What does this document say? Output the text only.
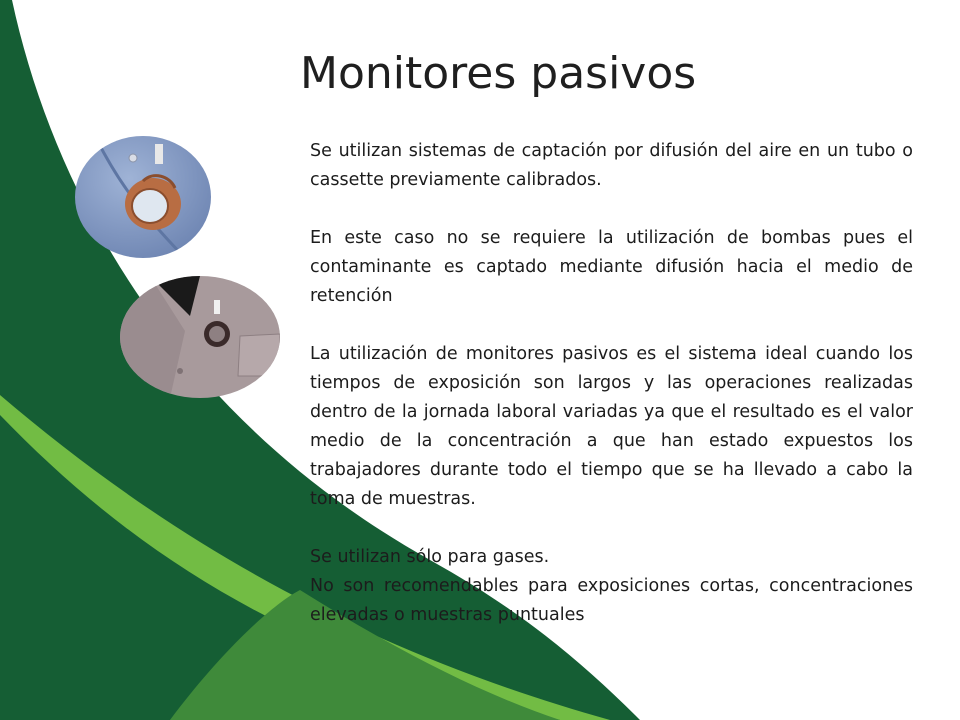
Monitores pasivos

Se utilizan sistemas de captación por difusión del aire en un tubo o cassette previamente calibrados.

En este caso no se requiere la utilización de bombas pues el contaminante es captado mediante difusión hacia el medio de retención

La utilización de monitores pasivos es el sistema ideal cuando los tiempos de exposición son largos y las operaciones realizadas dentro de la jornada laboral variadas ya que el resultado es el valor medio de la concentración a que han estado expuestos los trabajadores durante todo el tiempo que se ha llevado a cabo la toma de muestras.

Se utilizan sólo para gases.

No son recomendables para exposiciones cortas, concentraciones elevadas o muestras puntuales
